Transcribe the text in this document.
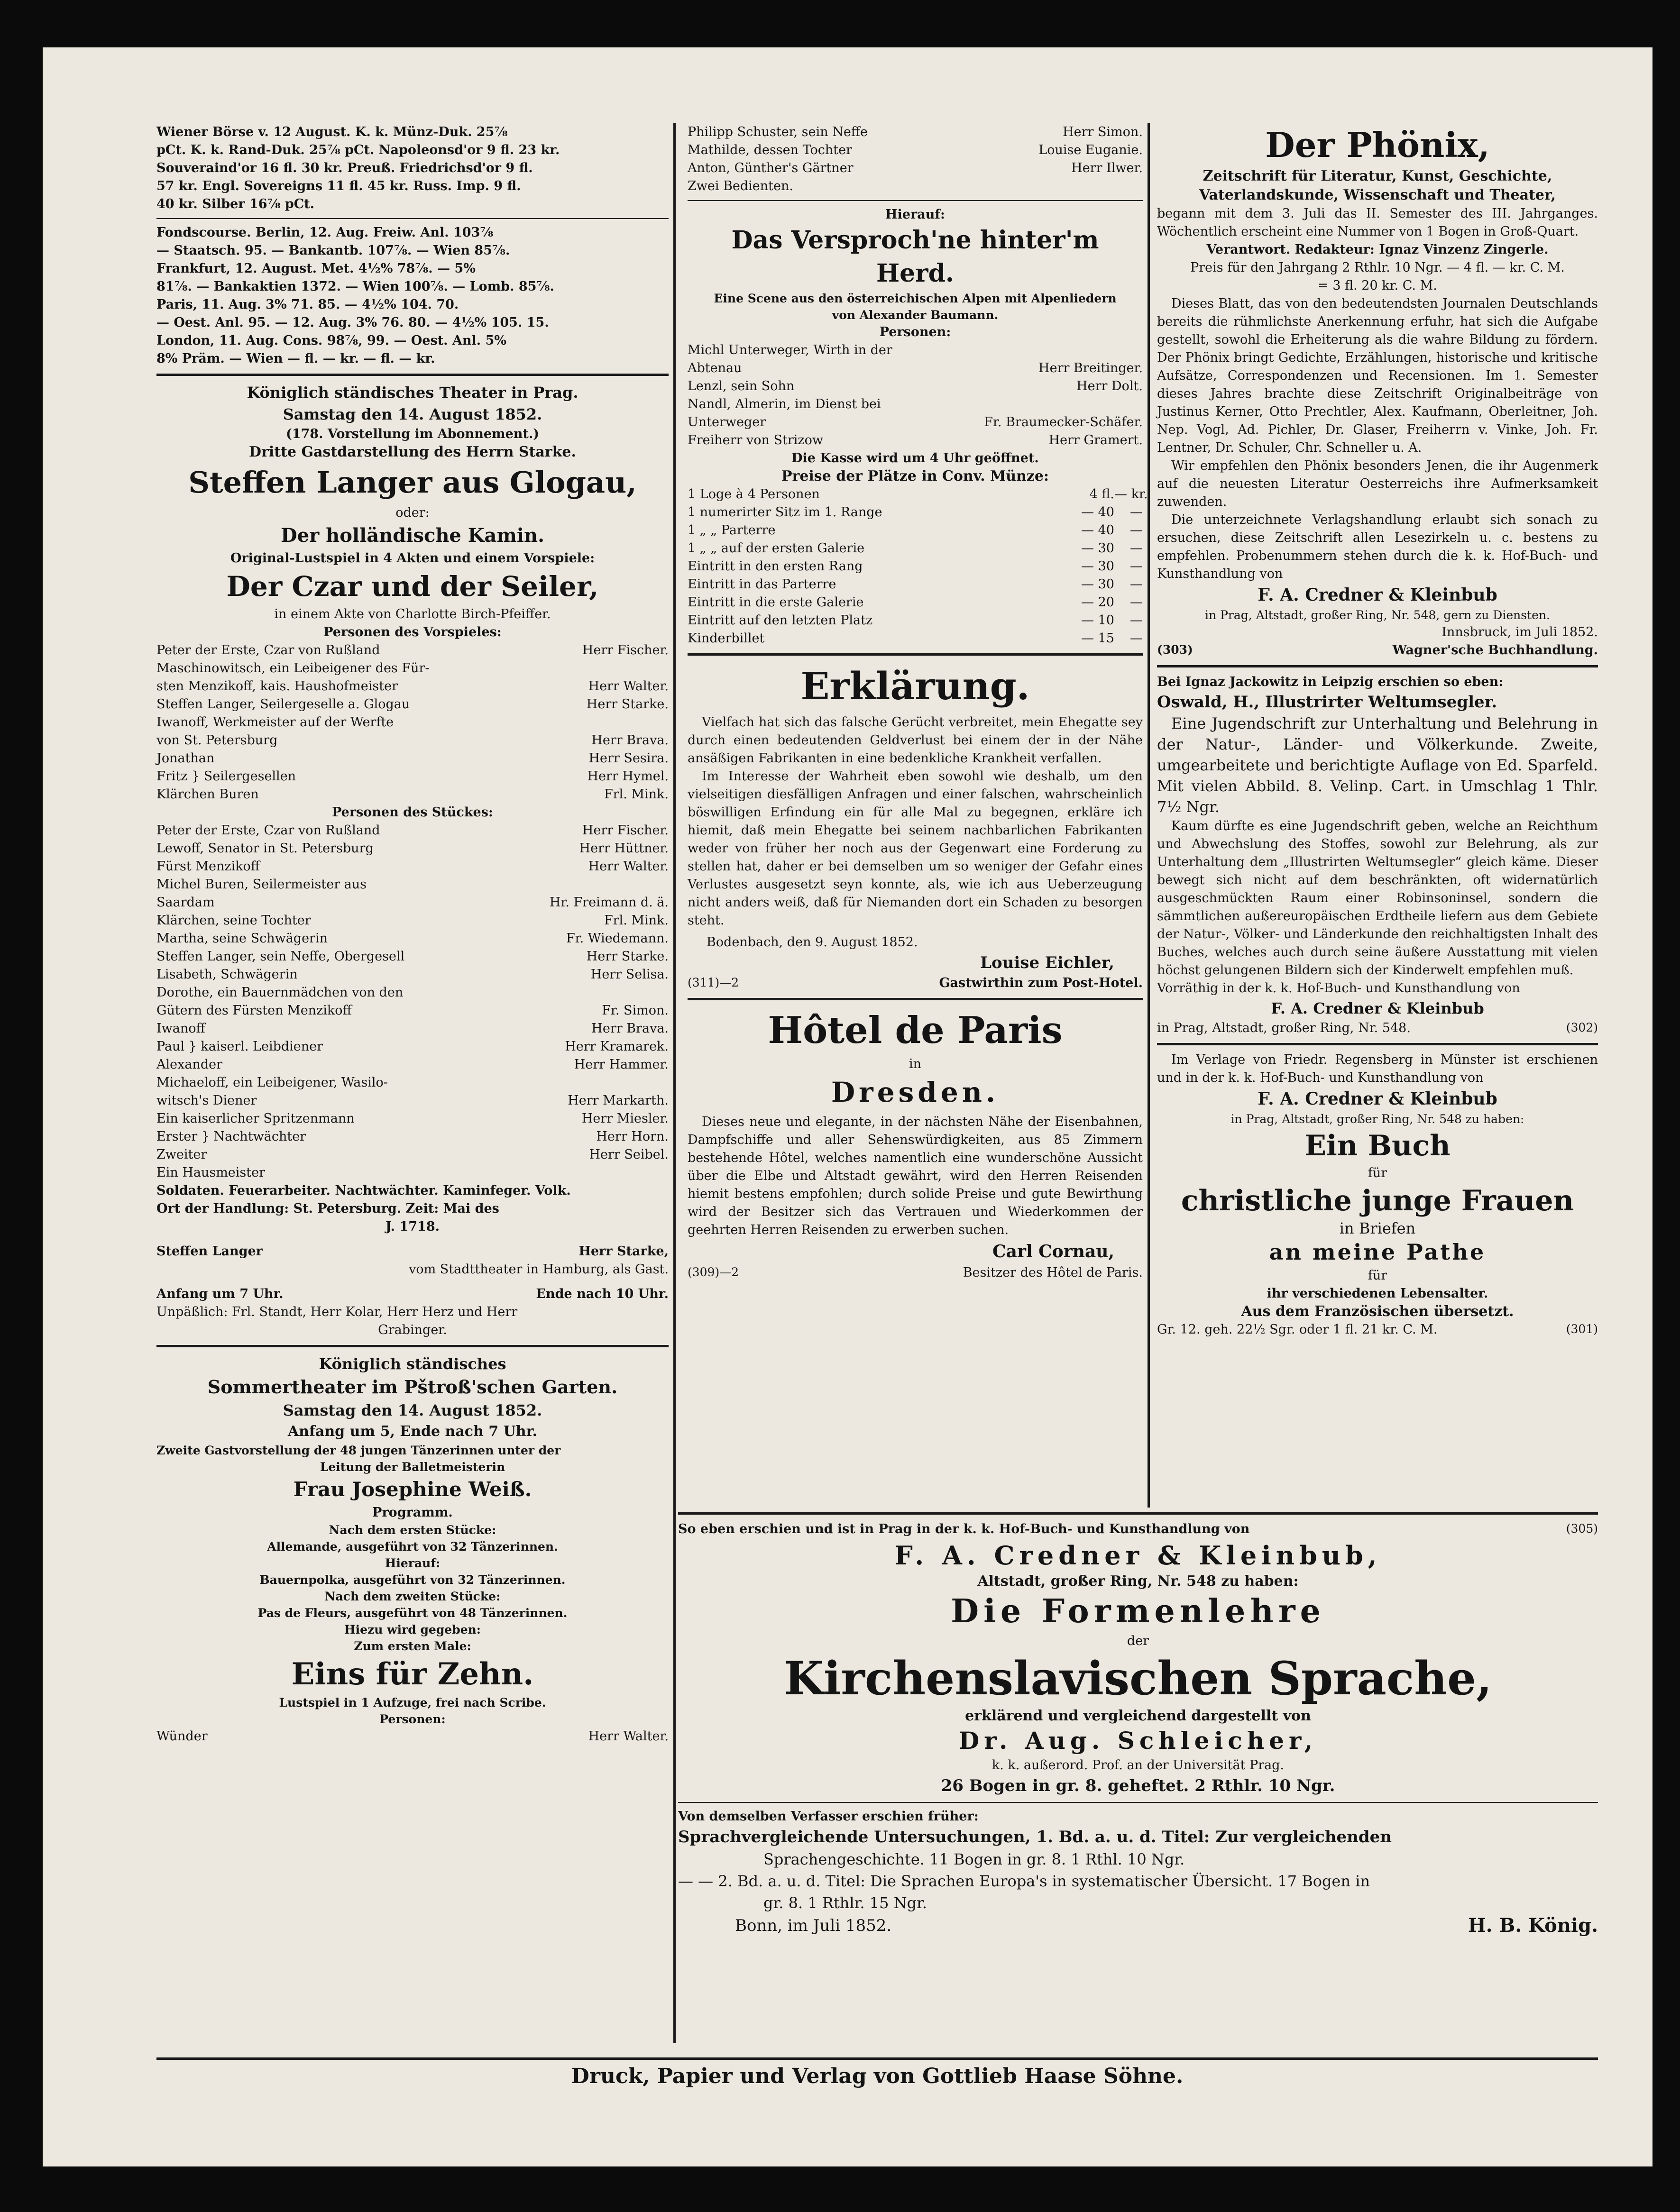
Wiener Börse v. 12 August. K. k. Münz-Duk. 25⅞
pCt. K. k. Rand-Duk. 25⅞ pCt. Napoleonsd'or 9 fl. 23 kr.
Souveraind'or 16 fl. 30 kr. Preuß. Friedrichsd'or 9 fl.
57 kr. Engl. Sovereigns 11 fl. 45 kr. Russ. Imp. 9 fl.
40 kr. Silber 16⅞ pCt.
Fondscourse. Berlin, 12. Aug. Freiw. Anl. 103⅞
— Staatsch. 95. — Bankantb. 107⅞. — Wien 85⅞.
Frankfurt, 12. August. Met. 4½% 78⅞. — 5%
81⅞. — Bankaktien 1372. — Wien 100⅞. — Lomb. 85⅞.
Paris, 11. Aug. 3% 71. 85. — 4½% 104. 70.
— Oest. Anl. 95. — 12. Aug. 3% 76. 80. — 4½% 105. 15.
London, 11. Aug. Cons. 98⅞, 99. — Oest. Anl. 5%
8% Präm. — Wien — fl. — kr. — fl. — kr.
Königlich ständisches Theater in Prag.
Samstag den 14. August 1852.
(178. Vorstellung im Abonnement.)
Dritte Gastdarstellung des Herrn Starke.
Steffen Langer aus Glogau,
oder:
Der holländische Kamin.
Original-Lustspiel in 4 Akten und einem Vorspiele:
Der Czar und der Seiler,
in einem Akte von Charlotte Birch-Pfeiffer.
Personen des Vorspieles:
Peter der Erste, Czar von Rußland	Herr Fischer.
Maschinowitsch, ein Leibeigener des Für-
sten Menzikoff, kais. Haushofmeister	Herr Walter.
Steffen Langer, Seilergeselle a. Glogau	Herr Starke.
Iwanoff, Werkmeister auf der Werfte
von St. Petersburg	Herr Brava.
Jonathan	Herr Sesira.
Fritz } Seilergesellen	Herr Hymel.
Klärchen Buren	Frl. Mink.
Personen des Stückes:
Peter der Erste, Czar von Rußland	Herr Fischer.
Lewoff, Senator in St. Petersburg	Herr Hüttner.
Fürst Menzikoff	Herr Walter.
Michel Buren, Seilermeister aus
Saardam	Hr. Freimann d. ä.
Klärchen, seine Tochter	Frl. Mink.
Martha, seine Schwägerin	Fr. Wiedemann.
Steffen Langer, sein Neffe, Obergesell	Herr Starke.
Lisabeth, Schwägerin	Herr Selisa.
Dorothe, ein Bauernmädchen von den
Gütern des Fürsten Menzikoff	Fr. Simon.
Iwanoff	Herr Brava.
Paul } kaiserl. Leibdiener	Herr Kramarek.
Alexander	Herr Hammer.
Michaeloff, ein Leibeigener, Wasilo-
witsch's Diener	Herr Markarth.
Ein kaiserlicher Spritzenmann	Herr Miesler.
Erster } Nachtwächter	Herr Horn.
Zweiter	Herr Seibel.
Ein Hausmeister
Soldaten. Feuerarbeiter. Nachtwächter. Kaminfeger. Volk.
Ort der Handlung: St. Petersburg. Zeit: Mai des
J. 1718.
Steffen Langer	Herr Starke,
vom Stadttheater in Hamburg, als Gast.
Anfang um 7 Uhr.	Ende nach 10 Uhr.
Unpäßlich: Frl. Standt, Herr Kolar, Herr Herz und Herr
Grabinger.
Königlich ständisches
Sommertheater im Pštroß'schen Garten.
Samstag den 14. August 1852.
Anfang um 5, Ende nach 7 Uhr.
Zweite Gastvorstellung der 48 jungen Tänzerinnen unter der
Leitung der Balletmeisterin
Frau Josephine Weiß.
Programm.
Nach dem ersten Stücke:
Allemande, ausgeführt von 32 Tänzerinnen.
Hierauf:
Bauernpolka, ausgeführt von 32 Tänzerinnen.
Nach dem zweiten Stücke:
Pas de Fleurs, ausgeführt von 48 Tänzerinnen.
Hiezu wird gegeben:
Zum ersten Male:
Eins für Zehn.
Lustspiel in 1 Aufzuge, frei nach Scribe.
Personen:
Wünder	Herr Walter.
Philipp Schuster, sein Neffe	Herr Simon.
Mathilde, dessen Tochter	Louise Euganie.
Anton, Günther's Gärtner	Herr Ilwer.
Zwei Bedienten.
Hierauf:
Das Versproch'ne hinter'm
Herd.
Eine Scene aus den österreichischen Alpen mit Alpenliedern
von Alexander Baumann.
Personen:
Michl Unterweger, Wirth in der
Abtenau	Herr Breitinger.
Lenzl, sein Sohn	Herr Dolt.
Nandl, Almerin, im Dienst bei
Unterweger	Fr. Braumecker-Schäfer.
Freiherr von Strizow	Herr Gramert.
Die Kasse wird um 4 Uhr geöffnet.
Preise der Plätze in Conv. Münze:
1 Loge à 4 Personen	4 fl. — kr.
1 numerirter Sitz im 1. Range	— 40	—
1 „ „ Parterre	— 40	—
1 „ „ auf der ersten Galerie	— 30	—
Eintritt in den ersten Rang	— 30	—
Eintritt in das Parterre	— 30	—
Eintritt in die erste Galerie	— 20	—
Eintritt auf den letzten Platz	— 10	—
Kinderbillet	— 15	—
Erklärung.

Vielfach hat sich das falsche Gerücht verbreitet, mein Ehegatte sey durch einen bedeutenden Geldverlust bei einem der in der Nähe ansäßigen Fabrikanten in eine bedenkliche Krankheit verfallen.

Im Interesse der Wahrheit eben sowohl wie deshalb, um den vielseitigen diesfälligen Anfragen und einer falschen, wahrscheinlich böswilligen Erfindung ein für alle Mal zu begegnen, erkläre ich hiemit, daß mein Ehegatte bei seinem nachbarlichen Fabrikanten weder von früher her noch aus der Gegenwart eine Forderung zu stellen hat, daher er bei demselben um so weniger der Gefahr eines Verlustes ausgesetzt seyn konnte, als, wie ich aus Ueberzeugung nicht anders weiß, daß für Niemanden dort ein Schaden zu besorgen steht.

Bodenbach, den 9. August 1852.
Louise Eichler,
(311)—2	Gastwirthin zum Post-Hotel.
Hôtel de Paris
in
Dresden.

Dieses neue und elegante, in der nächsten Nähe der Eisenbahnen, Dampfschiffe und aller Sehenswürdigkeiten, aus 85 Zimmern bestehende Hôtel, welches namentlich eine wunderschöne Aussicht über die Elbe und Altstadt gewährt, wird den Herren Reisenden hiemit bestens empfohlen; durch solide Preise und gute Bewirthung wird der Besitzer sich das Vertrauen und Wiederkommen der geehrten Herren Reisenden zu erwerben suchen.

Carl Cornau,
(309)—2	Besitzer des Hôtel de Paris.
Der Phönix,
Zeitschrift für Literatur, Kunst, Geschichte,
Vaterlandskunde, Wissenschaft und Theater,

begann mit dem 3. Juli das II. Semester des III. Jahrganges. Wöchentlich erscheint eine Nummer von 1 Bogen in Groß-Quart.

Verantwort. Redakteur: Ignaz Vinzenz Zingerle.
Preis für den Jahrgang 2 Rthlr. 10 Ngr. — 4 fl. — kr. C. M.
= 3 fl. 20 kr. C. M.

Dieses Blatt, das von den bedeutendsten Journalen Deutschlands bereits die rühmlichste Anerkennung erfuhr, hat sich die Aufgabe gestellt, sowohl die Erheiterung als die wahre Bildung zu fördern. Der Phönix bringt Gedichte, Erzählungen, historische und kritische Aufsätze, Correspondenzen und Recensionen. Im 1. Semester dieses Jahres brachte diese Zeitschrift Originalbeiträge von Justinus Kerner, Otto Prechtler, Alex. Kaufmann, Oberleitner, Joh. Nep. Vogl, Ad. Pichler, Dr. Glaser, Freiherrn v. Vinke, Joh. Fr. Lentner, Dr. Schuler, Chr. Schneller u. A.

Wir empfehlen den Phönix besonders Jenen, die ihr Augenmerk auf die neuesten Literatur Oesterreichs ihre Aufmerksamkeit zuwenden.

Die unterzeichnete Verlagshandlung erlaubt sich sonach zu ersuchen, diese Zeitschrift allen Lesezirkeln u. c. bestens zu empfehlen. Probenummern stehen durch die k. k. Hof-Buch- und Kunsthandlung von

F. A. Credner & Kleinbub
in Prag, Altstadt, großer Ring, Nr. 548, gern zu Diensten.
Innsbruck, im Juli 1852.
(303)	Wagner'sche Buchhandlung.
Bei Ignaz Jackowitz in Leipzig erschien so eben:
Oswald, H., Illustrirter Weltumsegler.

Eine Jugendschrift zur Unterhaltung und Belehrung in der Natur-, Länder- und Völkerkunde. Zweite, umgearbeitete und berichtigte Auflage von Ed. Sparfeld. Mit vielen Abbild. 8. Velinp. Cart. in Umschlag 1 Thlr. 7½ Ngr.

Kaum dürfte es eine Jugendschrift geben, welche an Reichthum und Abwechslung des Stoffes, sowohl zur Belehrung, als zur Unterhaltung dem „Illustrirten Weltumsegler“ gleich käme. Dieser bewegt sich nicht auf dem beschränkten, oft widernatürlich ausgeschmückten Raum einer Robinsoninsel, sondern die sämmtlichen außereuropäischen Erdtheile liefern aus dem Gebiete der Natur-, Völker- und Länderkunde den reichhaltigsten Inhalt des Buches, welches auch durch seine äußere Ausstattung mit vielen höchst gelungenen Bildern sich der Kinderwelt empfehlen muß.

Vorräthig in der k. k. Hof-Buch- und Kunsthandlung von
F. A. Credner & Kleinbub
in Prag, Altstadt, großer Ring, Nr. 548.	(302)

Im Verlage von Friedr. Regensberg in Münster ist erschienen und in der k. k. Hof-Buch- und Kunsthandlung von

F. A. Credner & Kleinbub
in Prag, Altstadt, großer Ring, Nr. 548 zu haben:
Ein Buch
für
christliche junge Frauen
in Briefen
an meine Pathe
für
ihr verschiedenen Lebensalter.
Aus dem Französischen übersetzt.
Gr. 12. geh. 22½ Sgr. oder 1 fl. 21 kr. C. M.	(301)
So eben erschien und ist in Prag in der k. k. Hof-Buch- und Kunsthandlung von	(305)
F. A. Credner & Kleinbub,
Altstadt, großer Ring, Nr. 548 zu haben:
Die Formenlehre
der
Kirchenslavischen Sprache,
erklärend und vergleichend dargestellt von
Dr. Aug. Schleicher,
k. k. außerord. Prof. an der Universität Prag.
26 Bogen in gr. 8. geheftet. 2 Rthlr. 10 Ngr.
Von demselben Verfasser erschien früher:
Sprachvergleichende Untersuchungen, 1. Bd. a. u. d. Titel: Zur vergleichenden
Sprachengeschichte. 11 Bogen in gr. 8. 1 Rthl. 10 Ngr.
— — 2. Bd. a. u. d. Titel: Die Sprachen Europa's in systematischer Übersicht. 17 Bogen in
gr. 8. 1 Rthlr. 15 Ngr.
Bonn, im Juli 1852.	H. B. König.
Druck, Papier und Verlag von Gottlieb Haase Söhne.
